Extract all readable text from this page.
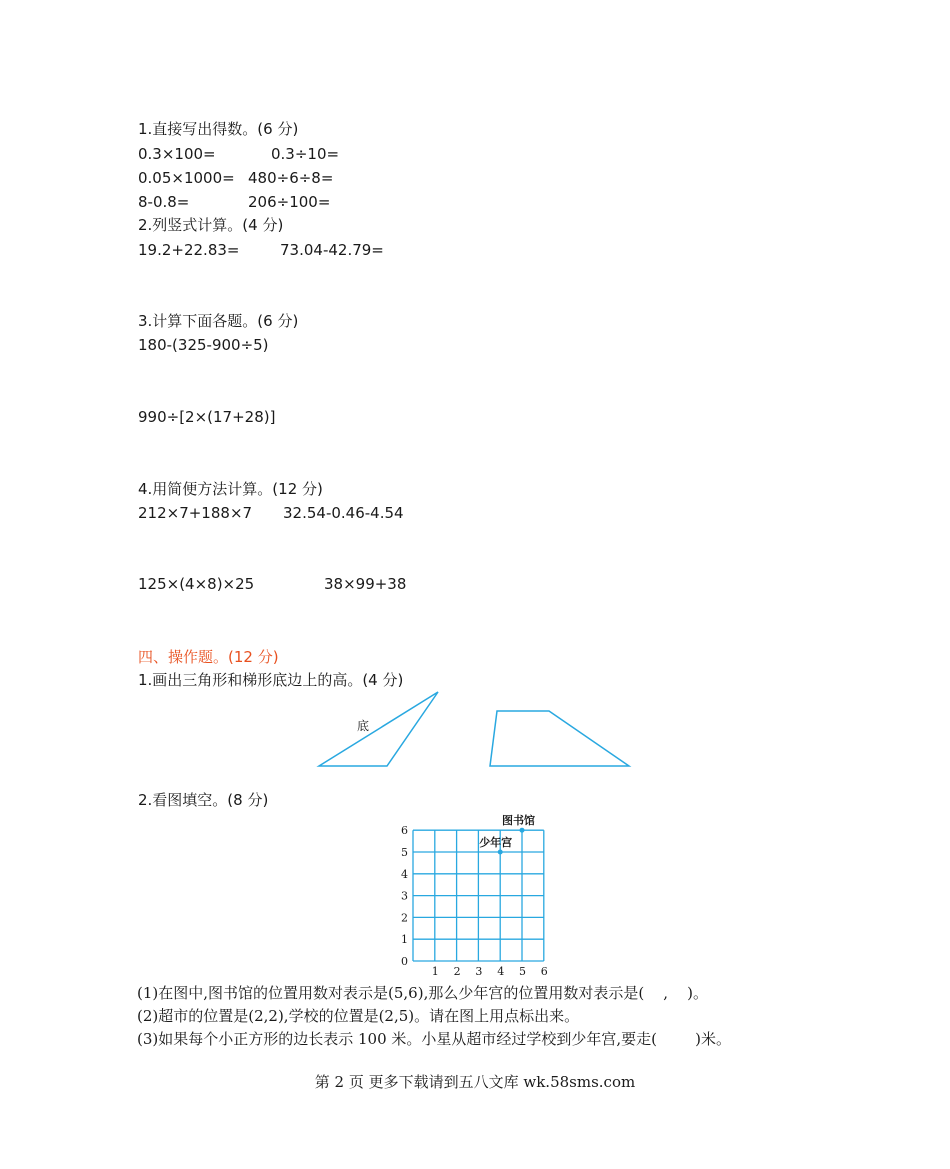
1.直接写出得数。(6 分)
0.3×100=	0.3÷10=
0.05×1000= 480÷6÷8=
8-0.8=	206÷100=
2.列竖式计算。(4 分)
19.2+22.83=	73.04-42.79=
3.计算下面各题。(6 分)
180-(325-900÷5)
990÷[2×(17+28)]
4.用简便方法计算。(12 分)
212×7+188×7 32.54-0.46-4.54
125×(4×8)×25	38×99+38
四、操作题。(12 分)
1.画出三角形和梯形底边上的高。(4 分)
底
2.看图填空。(8 分)
1 2 3 4 5 6
1
2
3
4
5
6
0
图书馆
少年宫
(1)在图中,图书馆的位置用数对表示是(5,6),那么少年宫的位置用数对表示是(    ,    )。
(2)超市的位置是(2,2),学校的位置是(2,5)。请在图上用点标出来。
(3)如果每个小正方形的边长表示 100 米。小星从超市经过学校到少年宫,要走(        )米。
第 2 页 更多下载请到五八文库 wk.58sms.com
